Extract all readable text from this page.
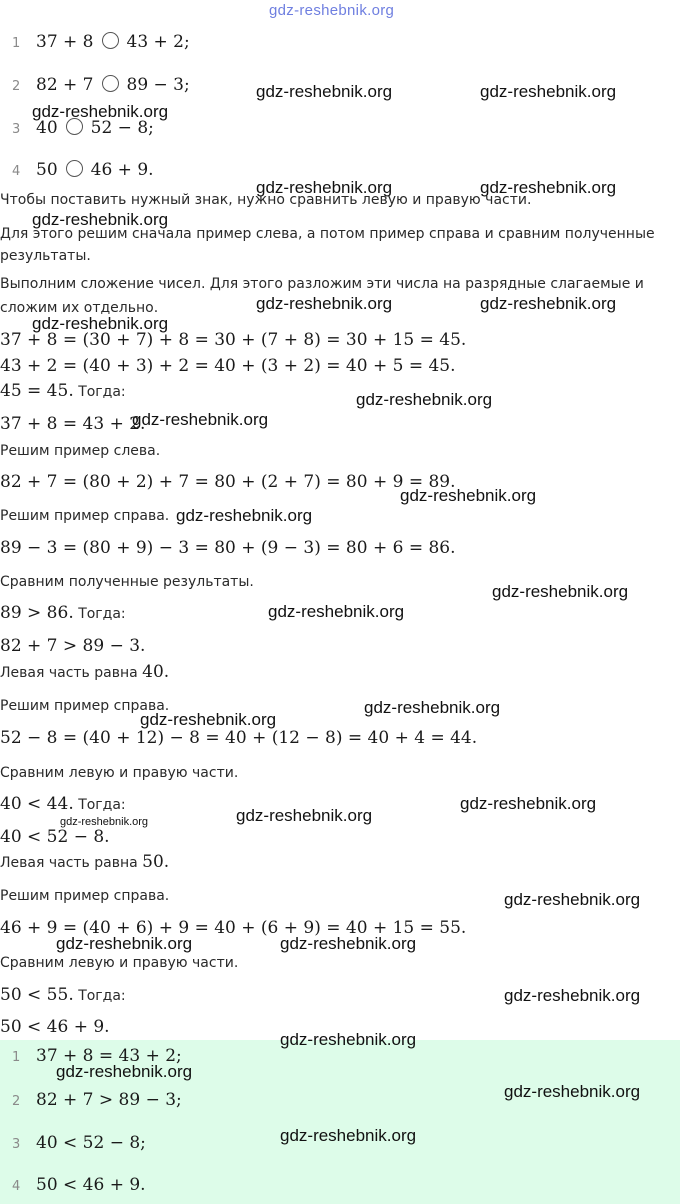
1 37 + 8 43 + 2;
2 82 + 7 89 − 3;
3 40 52 − 8;
4 50 46 + 9.
Чтобы поставить нужный знак, нужно сравнить левую и правую части.
Для этого решим сначала пример слева, а потом пример справа и сравним полученные
результаты.
Выполним сложение чисел. Для этого разложим эти числа на разрядные слагаемые и
сложим их отдельно.
37 + 8 = (30 + 7) + 8 = 30 + (7 + 8) = 30 + 15 = 45.
43 + 2 = (40 + 3) + 2 = 40 + (3 + 2) = 40 + 5 = 45.
45 = 45. Тогда:
37 + 8 = 43 + 2.
Решим пример слева.
82 + 7 = (80 + 2) + 7 = 80 + (2 + 7) = 80 + 9 = 89.
Решим пример справа.
89 − 3 = (80 + 9) − 3 = 80 + (9 − 3) = 80 + 6 = 86.
Сравним полученные результаты.
89 > 86. Тогда:
82 + 7 > 89 − 3.
Левая часть равна 40.
Решим пример справа.
52 − 8 = (40 + 12) − 8 = 40 + (12 − 8) = 40 + 4 = 44.
Сравним левую и правую части.
40 < 44. Тогда:
40 < 52 − 8.
Левая часть равна 50.
Решим пример справа.
46 + 9 = (40 + 6) + 9 = 40 + (6 + 9) = 40 + 15 = 55.
Сравним левую и правую части.
50 < 55. Тогда:
50 < 46 + 9.
1 37 + 8 = 43 + 2;
2 82 + 7 > 89 − 3;
3 40 < 52 − 8;
4 50 < 46 + 9.
gdz-reshebnik.org
gdz-reshebnik.org	gdz-reshebnik.org
gdz-reshebnik.org
gdz-reshebnik.org	gdz-reshebnik.org
gdz-reshebnik.org
gdz-reshebnik.org	gdz-reshebnik.org
gdz-reshebnik.org
gdz-reshebnik.org
gdz-reshebnik.org
gdz-reshebnik.org
gdz-reshebnik.org
gdz-reshebnik.org
gdz-reshebnik.org
gdz-reshebnik.org
gdz-reshebnik.org
gdz-reshebnik.org
gdz-reshebnik.org
gdz-reshebnik.org
gdz-reshebnik.org
gdz-reshebnik.org	gdz-reshebnik.org
gdz-reshebnik.org
gdz-reshebnik.org
gdz-reshebnik.org
gdz-reshebnik.org
gdz-reshebnik.org
